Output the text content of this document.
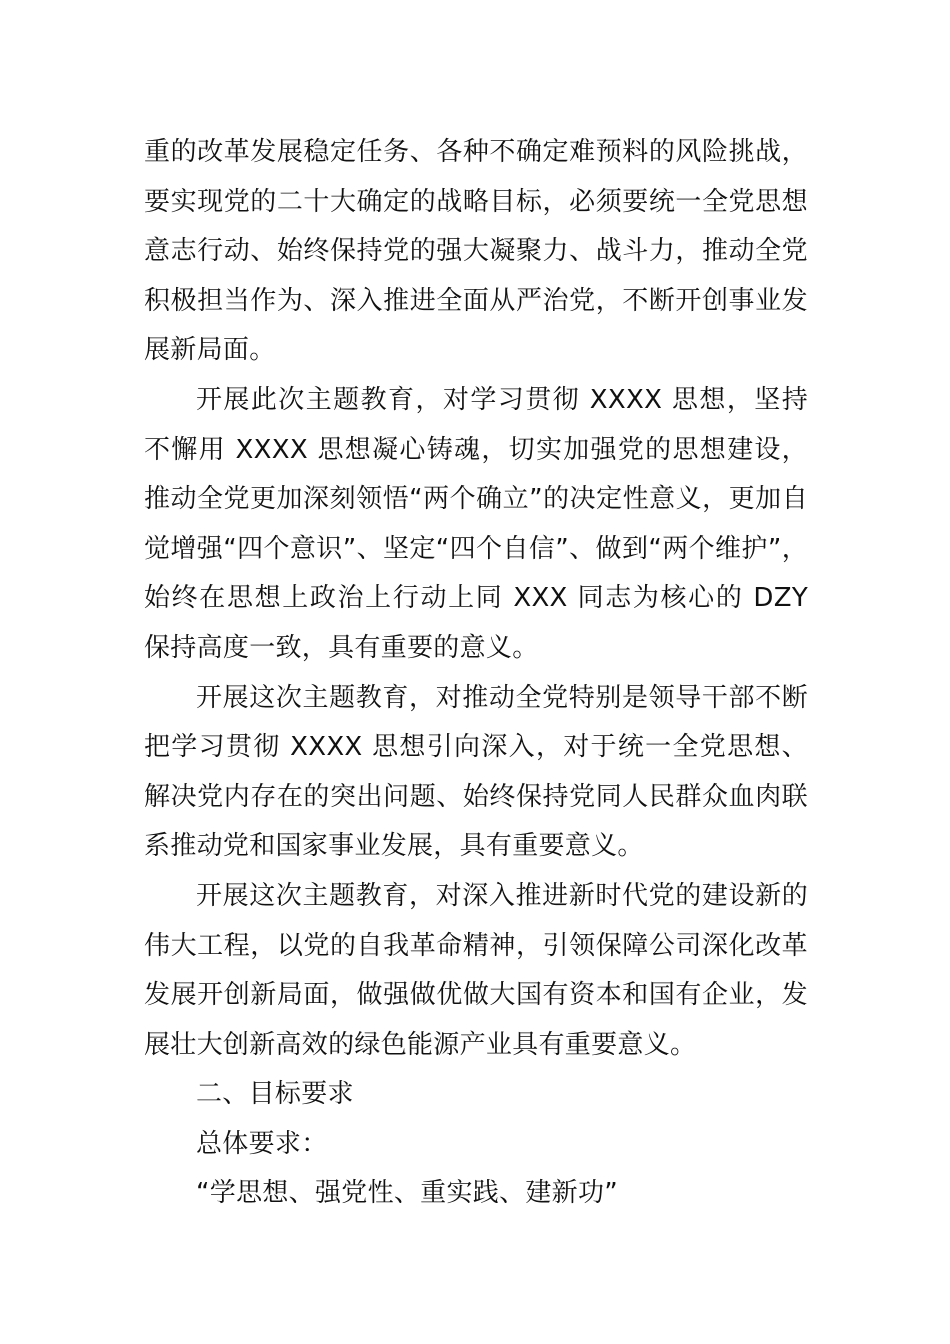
重的改革发展稳定任务、各种不确定难预料的风险挑战，要实现党的二十大确定的战略目标，必须要统一全党思想意志行动、始终保持党的强大凝聚力、战斗力，推动全党积极担当作为、深入推进全面从严治党，不断开创事业发展新局面。

开展此次主题教育，对学习贯彻 XXXX 思想，坚持不懈用 XXXX 思想凝心铸魂，切实加强党的思想建设，推动全党更加深刻领悟“两个确立”的决定性意义，更加自觉增强“四个意识”、坚定“四个自信”、做到“两个维护”，始终在思想上政治上行动上同 XXX 同志为核心的 DZY 保持高度一致，具有重要的意义。

开展这次主题教育，对推动全党特别是领导干部不断把学习贯彻 XXXX 思想引向深入，对于统一全党思想、解决党内存在的突出问题、始终保持党同人民群众血肉联系推动党和国家事业发展，具有重要意义。

开展这次主题教育，对深入推进新时代党的建设新的伟大工程，以党的自我革命精神，引领保障公司深化改革发展开创新局面，做强做优做大国有资本和国有企业，发展壮大创新高效的绿色能源产业具有重要意义。

二、目标要求

总体要求：

“学思想、强党性、重实践、建新功”
